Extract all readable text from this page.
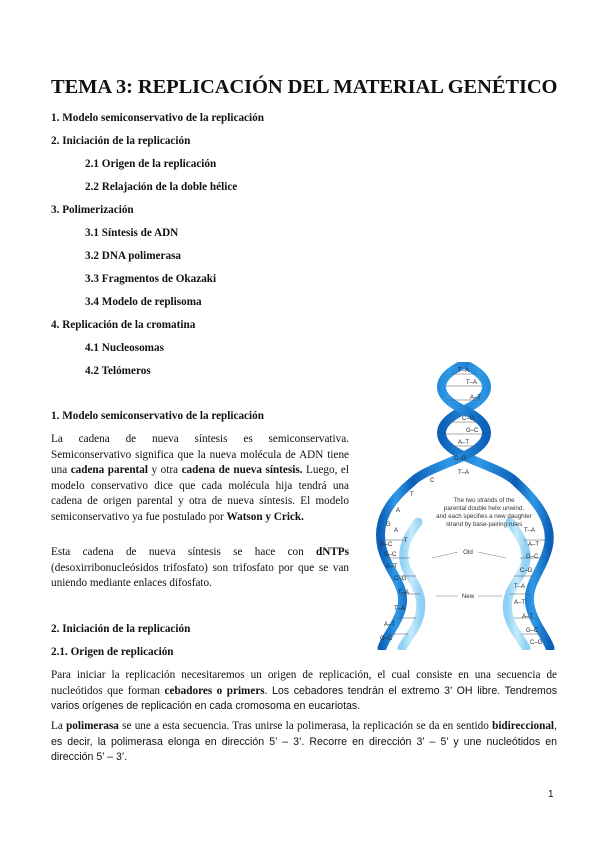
TEMA 3: REPLICACIÓN DEL MATERIAL GENÉTICO
1. Modelo semiconservativo de la replicación
2. Iniciación de la replicación
2.1 Origen de la replicación
2.2 Relajación de la doble hélice
3. Polimerización
3.1 Síntesis de ADN
3.2 DNA polimerasa
3.3 Fragmentos de Okazaki
3.4 Modelo de replisoma
4. Replicación de la cromatina
4.1 Nucleosomas
4.2 Telómeros
1. Modelo semiconservativo de la replicación
La cadena de nueva síntesis es semiconservativa. Semiconservativo significa que la nueva molécula de ADN tiene una cadena parental y otra cadena de nueva síntesis. Luego, el modelo conservativo dice que cada molécula hija tendrá una cadena de origen parental y otra de nueva síntesis. El modelo semiconservativo ya fue postulado por Watson y Crick.
Esta cadena de nueva síntesis se hace con dNTPs (desoxirribonucleósidos trifosfato) son trifosfato por que se van uniendo mediante enlaces difosfato.
2. Iniciación de la replicación
2.1. Origen de replicación
Para iniciar la replicación necesitaremos un origen de replicación, el cual consiste en una secuencia de nucleótidos que forman cebadores o primers. Los cebadores tendrán el extremo 3’ OH libre. Tendremos varios orígenes de replicación en cada cromosoma en eucariotas.
La polimerasa se une a esta secuencia. Tras unirse la polimerasa, la replicación se da en sentido bidireccional, es decir, la polimerasa elonga en dirección 5’ – 3’. Recorre en dirección 3’ – 5’ y une nucleótidos en dirección 5’ – 3’.
T–A
T–A
A–T
C–G
G–C
A–T
C–G
T–A
C
T
A
G
A
T
G–C
G–C
A–T
C–G
T–A
T–A
A–T
G–C
T–A
A–T
G–C
C–G
T–A
A–T
A–T
G–C
C–G
The two strands of the
parental double helix unwind,
and each specifies a new daughter
strand by base-pairing rules
Old
New
1
